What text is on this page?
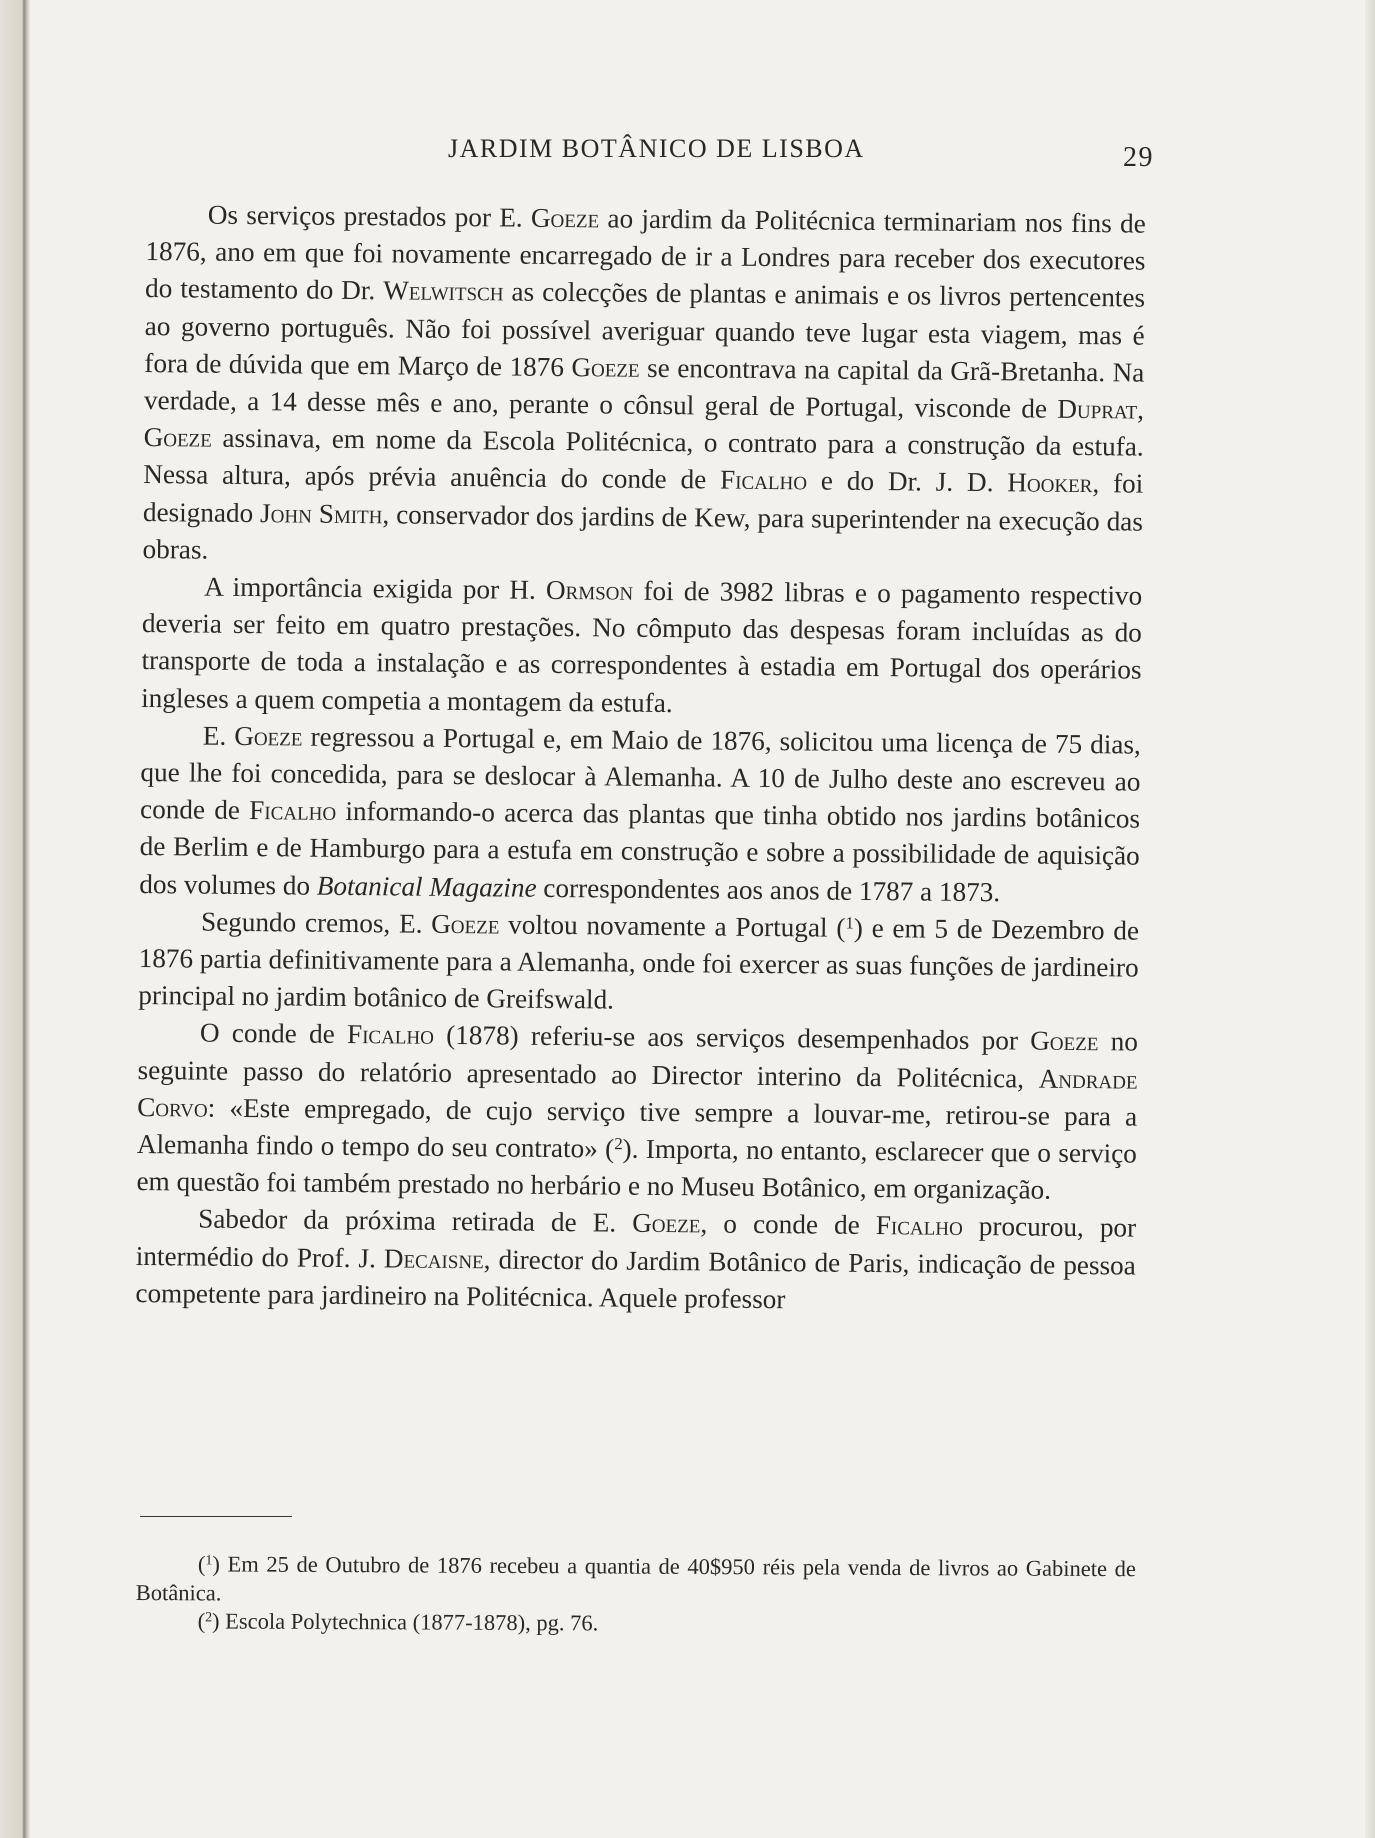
JARDIM BOTÂNICO DE LISBOA	29

Os serviços prestados por E. Goeze ao jardim da Politécnica terminariam nos fins de 1876, ano em que foi novamente encarregado de ir a Londres para receber dos executores do testamento do Dr. Welwitsch as colecções de plantas e animais e os livros pertencentes ao governo português. Não foi possível averiguar quando teve lugar esta viagem, mas é fora de dúvida que em Março de 1876 Goeze se encontrava na capital da Grã-Bretanha. Na verdade, a 14 desse mês e ano, perante o cônsul geral de Portugal, visconde de Duprat, Goeze assinava, em nome da Escola Politécnica, o contrato para a construção da estufa. Nessa altura, após prévia anuência do conde de Ficalho e do Dr. J. D. Hooker, foi designado John Smith, conservador dos jardins de Kew, para superintender na execução das obras.

A importância exigida por H. Ormson foi de 3982 libras e o pagamento respectivo deveria ser feito em quatro prestações. No cômputo das despesas foram incluídas as do transporte de toda a instalação e as correspondentes à estadia em Portugal dos operários ingleses a quem competia a montagem da estufa.

E. Goeze regressou a Portugal e, em Maio de 1876, solicitou uma licença de 75 dias, que lhe foi concedida, para se deslocar à Alemanha. A 10 de Julho deste ano escreveu ao conde de Ficalho informando-o acerca das plantas que tinha obtido nos jardins botânicos de Berlim e de Hamburgo para a estufa em construção e sobre a possibilidade de aquisição dos volumes do Botanical Magazine correspondentes aos anos de 1787 a 1873.

Segundo cremos, E. Goeze voltou novamente a Portugal ($^1$) e em 5 de Dezembro de 1876 partia definitivamente para a Alemanha, onde foi exercer as suas funções de jardineiro principal no jardim botânico de Greifswald.

O conde de Ficalho (1878) referiu-se aos serviços desempenhados por Goeze no seguinte passo do relatório apresentado ao Director interino da Politécnica, Andrade Corvo: «Este empregado, de cujo serviço tive sempre a louvar-me, retirou-se para a Alemanha findo o tempo do seu contrato» ($^2$). Importa, no entanto, esclarecer que o serviço em questão foi também prestado no herbário e no Museu Botânico, em organização.

Sabedor da próxima retirada de E. Goeze, o conde de Ficalho procurou, por intermédio do Prof. J. Decaisne, director do Jardim Botânico de Paris, indicação de pessoa competente para jardineiro na Politécnica. Aquele professor

($^1$) Em 25 de Outubro de 1876 recebeu a quantia de 40$950 réis pela venda de livros ao Gabinete de Botânica.

($^2$) Escola Polytechnica (1877-1878), pg. 76.
